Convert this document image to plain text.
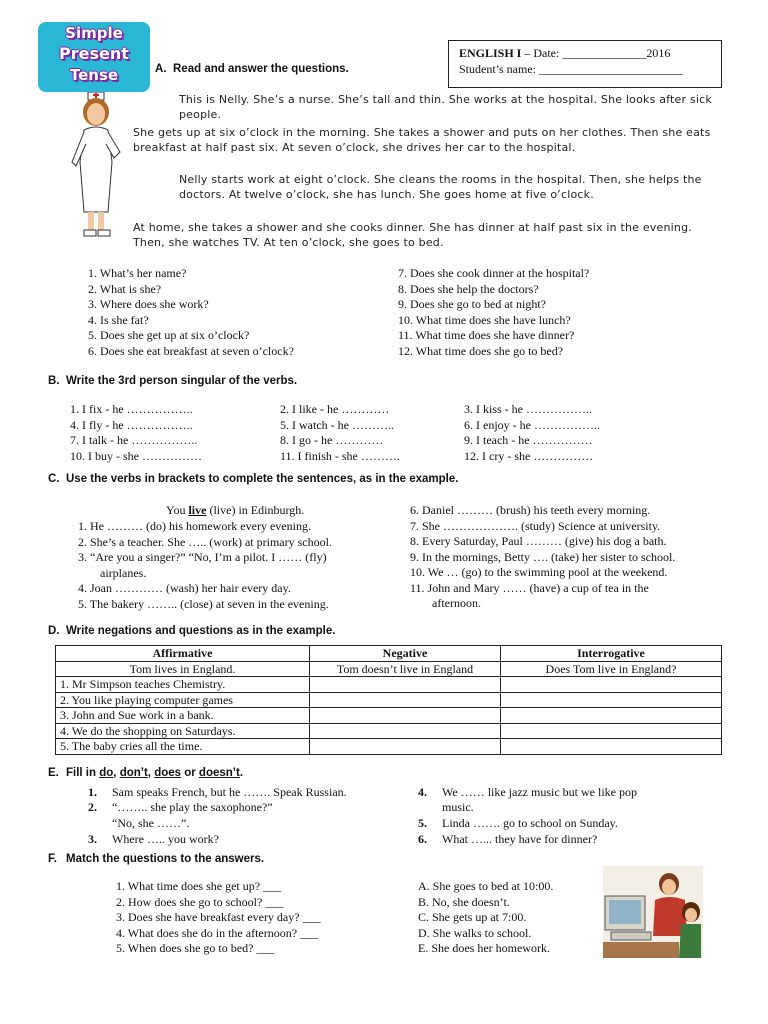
Simple
Present
Tense
ENGLISH I – Date: ______________2016
Student’s name: ________________________
A. Read and answer the questions.
This is Nelly. She’s a nurse. She’s tall and thin. She works at the hospital. She looks after sick people.
She gets up at six o’clock in the morning. She takes a shower and puts on her clothes. Then she eats breakfast at half past six. At seven o’clock, she drives her car to the hospital.
Nelly starts work at eight o’clock. She cleans the rooms in the hospital. Then, she helps the doctors. At twelve o’clock, she has lunch. She goes home at five o’clock.
At home, she takes a shower and she cooks dinner. She has dinner at half past six in the evening. Then, she watches TV. At ten o’clock, she goes to bed.
1. What’s her name?
2. What is she?
3. Where does she work?
4. Is she fat?
5. Does she get up at six o’clock?
6. Does she eat breakfast at seven o’clock?
7. Does she cook dinner at the hospital?
8. Does she help the doctors?
9. Does she go to bed at night?
10. What time does she have lunch?
11. What time does she have dinner?
12. What time does she go to bed?
B. Write the 3rd person singular of the verbs.
1. I fix - he ……………..
4. I fly - he ……………..
7. I talk - he ……………..
10. I buy - she ……………
2. I like - he …………
5. I watch - he ………..
8. I go - he …………
11. I finish - she ……….
3. I kiss - he ……………..
6. I enjoy - he ……………..
9. I teach - he ……………
12. I cry - she ……………
C. Use the verbs in brackets to complete the sentences, as in the example.
You live (live) in Edinburgh.
1. He ……… (do) his homework every evening.
2. She’s a teacher. She ….. (work) at primary school.
3. “Are you a singer?” “No, I’m a pilot. I …… (fly)
airplanes.
4. Joan ………… (wash) her hair every day.
5. The bakery …….. (close) at seven in the evening.
6. Daniel ……… (brush) his teeth every morning.
7. She ………………. (study) Science at university.
8. Every Saturday, Paul ……… (give) his dog a bath.
9. In the mornings, Betty …. (take) her sister to school.
10. We … (go) to the swimming pool at the weekend.
11. John and Mary …… (have) a cup of tea in the
afternoon.
D. Write negations and questions as in the example.
Affirmative	Negative	Interrogative
Tom lives in England.	Tom doesn’t live in England	Does Tom live in England?
1. Mr Simpson teaches Chemistry.		
2. You like playing computer games		
3. John and Sue work in a bank.		
4. We do the shopping on Saturdays.		
5. The baby cries all the time.		
E. Fill in do, don’t, does or doesn’t.
1. Sam speaks French, but he ……. Speak Russian.
2. “…….. she play the saxophone?”
“No, she ……”.
3. Where ….. you work?
4. We …… like jazz music but we like pop
music.
5. Linda ……. go to school on Sunday.
6. What …... they have for dinner?
F. Match the questions to the answers.
1. What time does she get up? ___
2. How does she go to school? ___
3. Does she have breakfast every day? ___
4. What does she do in the afternoon? ___
5. When does she go to bed? ___
A. She goes to bed at 10:00.
B. No, she doesn’t.
C. She gets up at 7:00.
D. She walks to school.
E. She does her homework.
